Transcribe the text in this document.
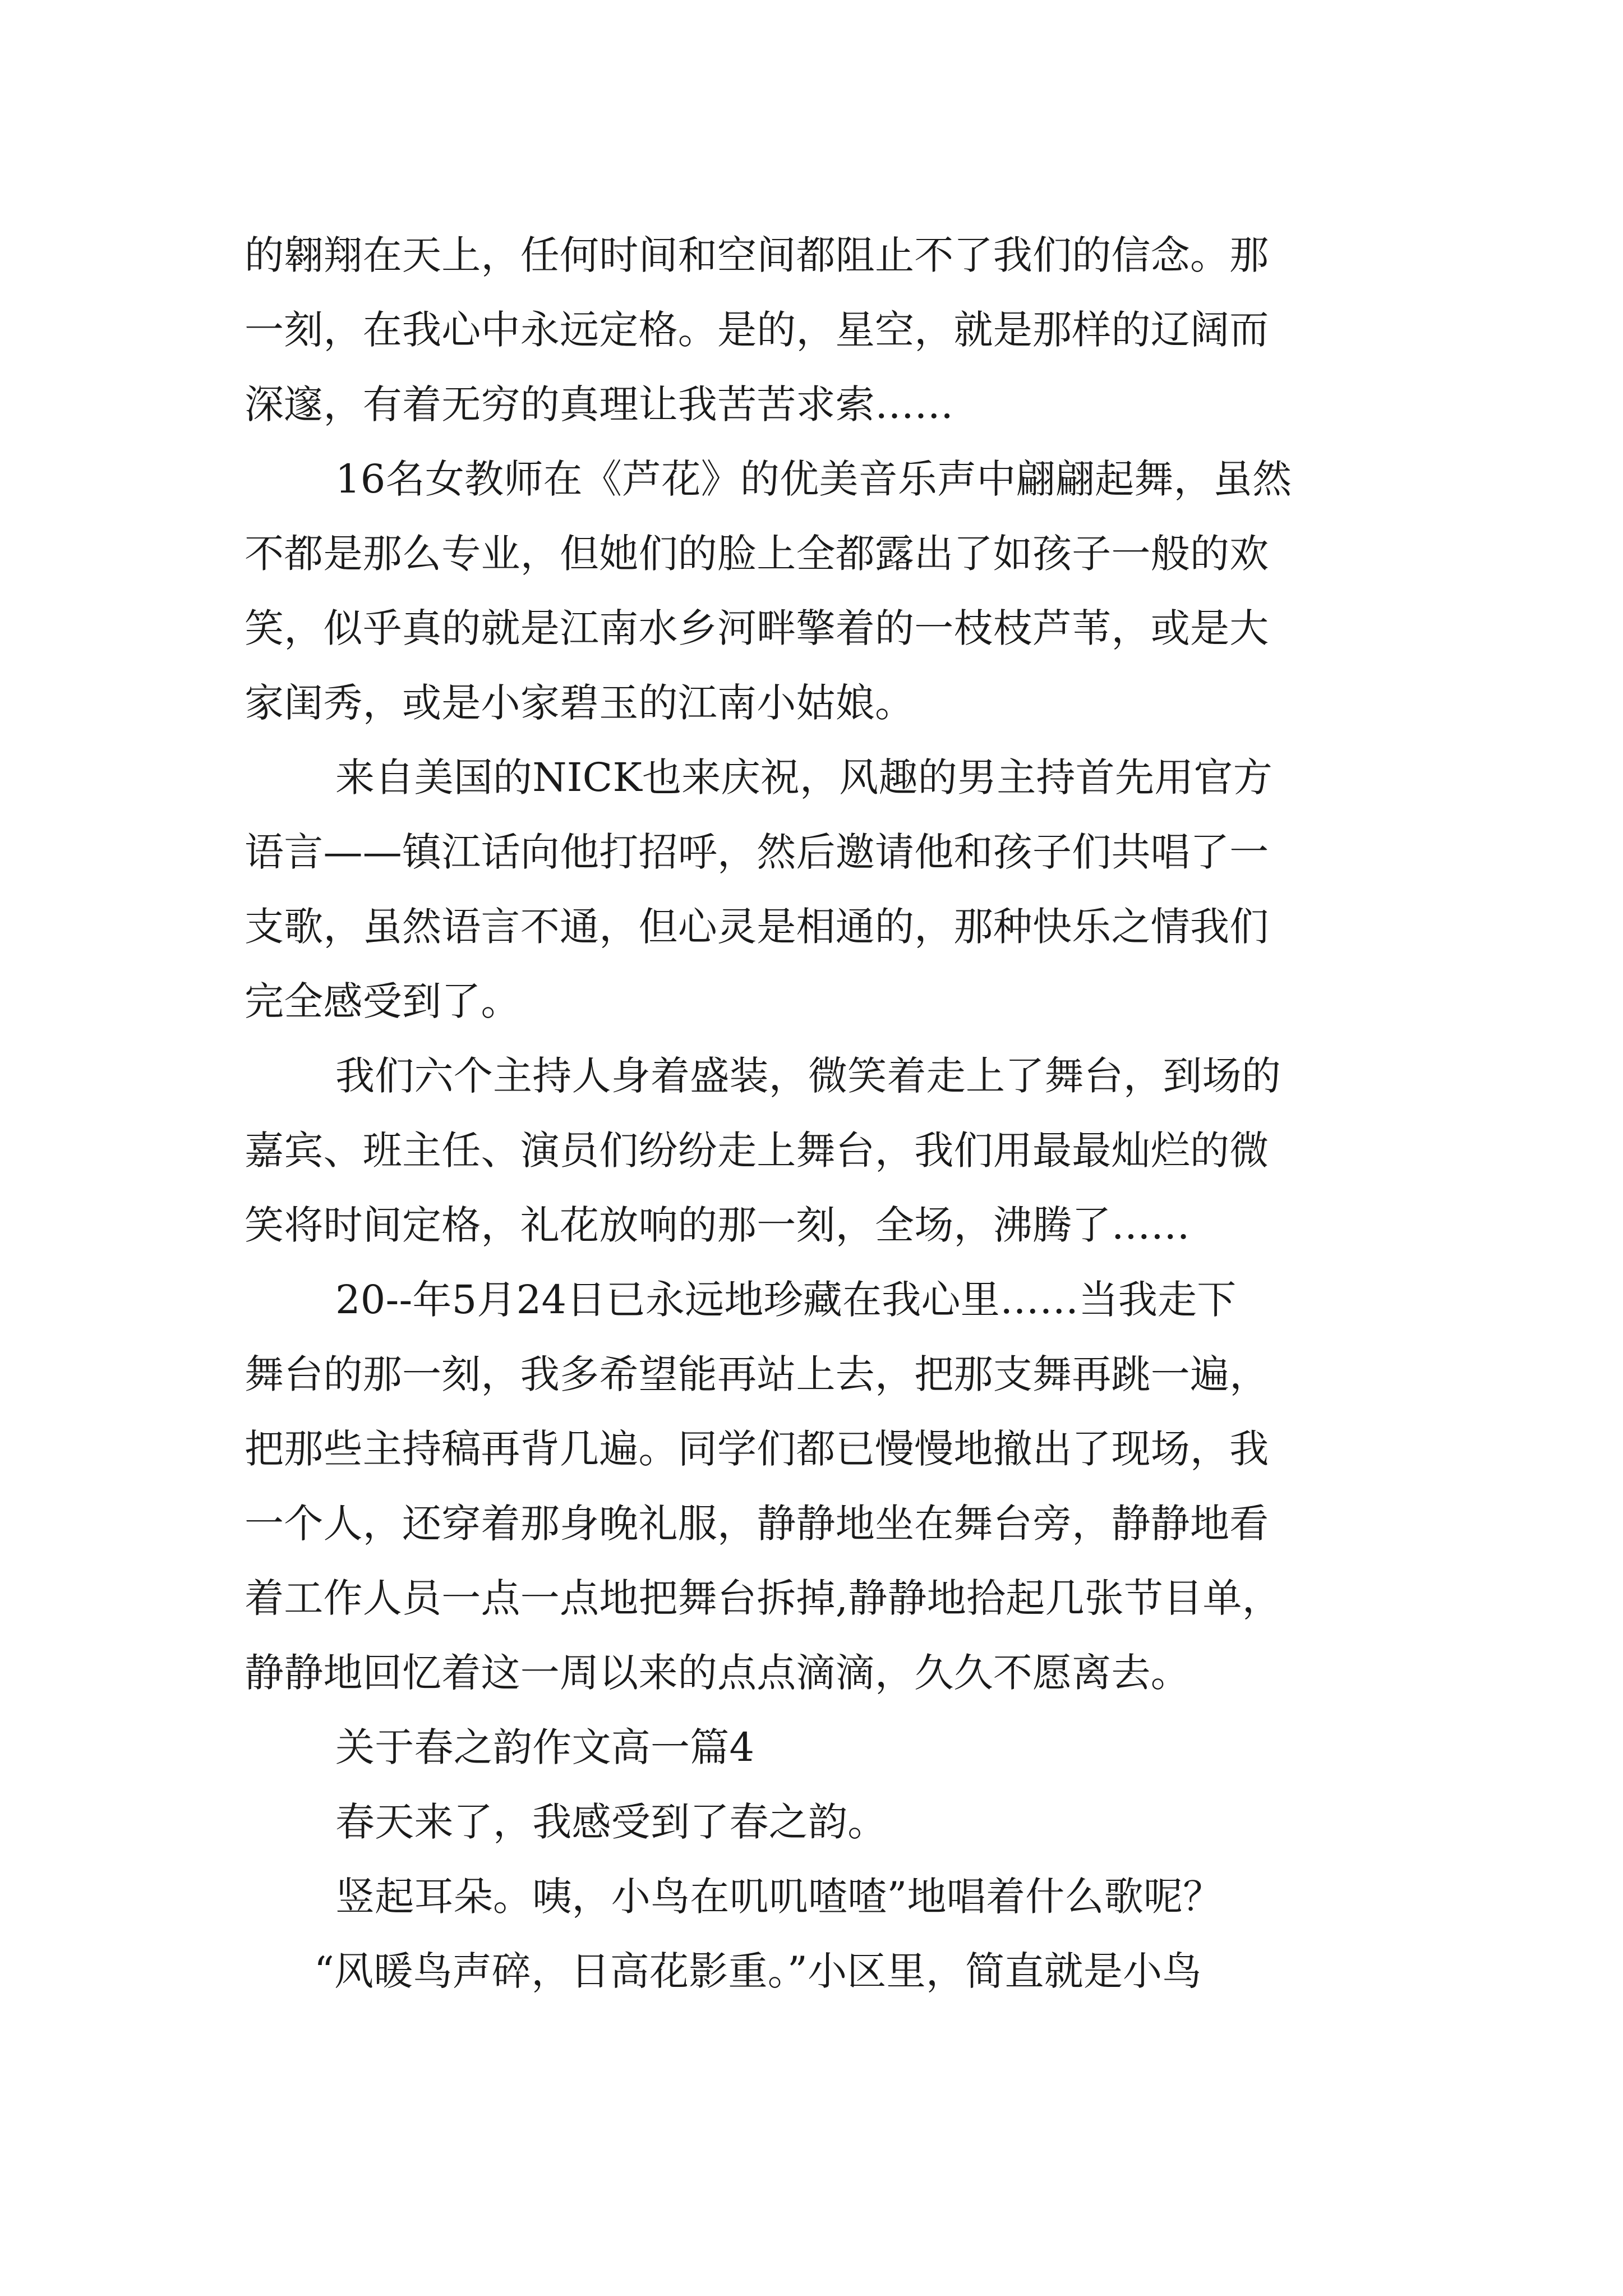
的翱翔在天上，任何时间和空间都阻止不了我们的信念。那
一刻，在我心中永远定格。是的，星空，就是那样的辽阔而
深邃，有着无穷的真理让我苦苦求索……
16名女教师在《芦花》的优美音乐声中翩翩起舞，虽然
不都是那么专业，但她们的脸上全都露出了如孩子一般的欢
笑，似乎真的就是江南水乡河畔擎着的一枝枝芦苇，或是大
家闺秀，或是小家碧玉的江南小姑娘。
来自美国的NICK也来庆祝，风趣的男主持首先用官方
语言——镇江话向他打招呼，然后邀请他和孩子们共唱了一
支歌，虽然语言不通，但心灵是相通的，那种快乐之情我们
完全感受到了。
我们六个主持人身着盛装，微笑着走上了舞台，到场的
嘉宾、班主任、演员们纷纷走上舞台，我们用最最灿烂的微
笑将时间定格，礼花放响的那一刻，全场，沸腾了……
20--年5月24日已永远地珍藏在我心里……当我走下
舞台的那一刻，我多希望能再站上去，把那支舞再跳一遍，
把那些主持稿再背几遍。同学们都已慢慢地撤出了现场，我
一个人，还穿着那身晚礼服，静静地坐在舞台旁，静静地看
着工作人员一点一点地把舞台拆掉,静静地拾起几张节目单，
静静地回忆着这一周以来的点点滴滴，久久不愿离去。
关于春之韵作文高一篇4
春天来了，我感受到了春之韵。
竖起耳朵。咦，小鸟在叽叽喳喳”地唱着什么歌呢？
“风暖鸟声碎，日高花影重。”小区里，简直就是小鸟
